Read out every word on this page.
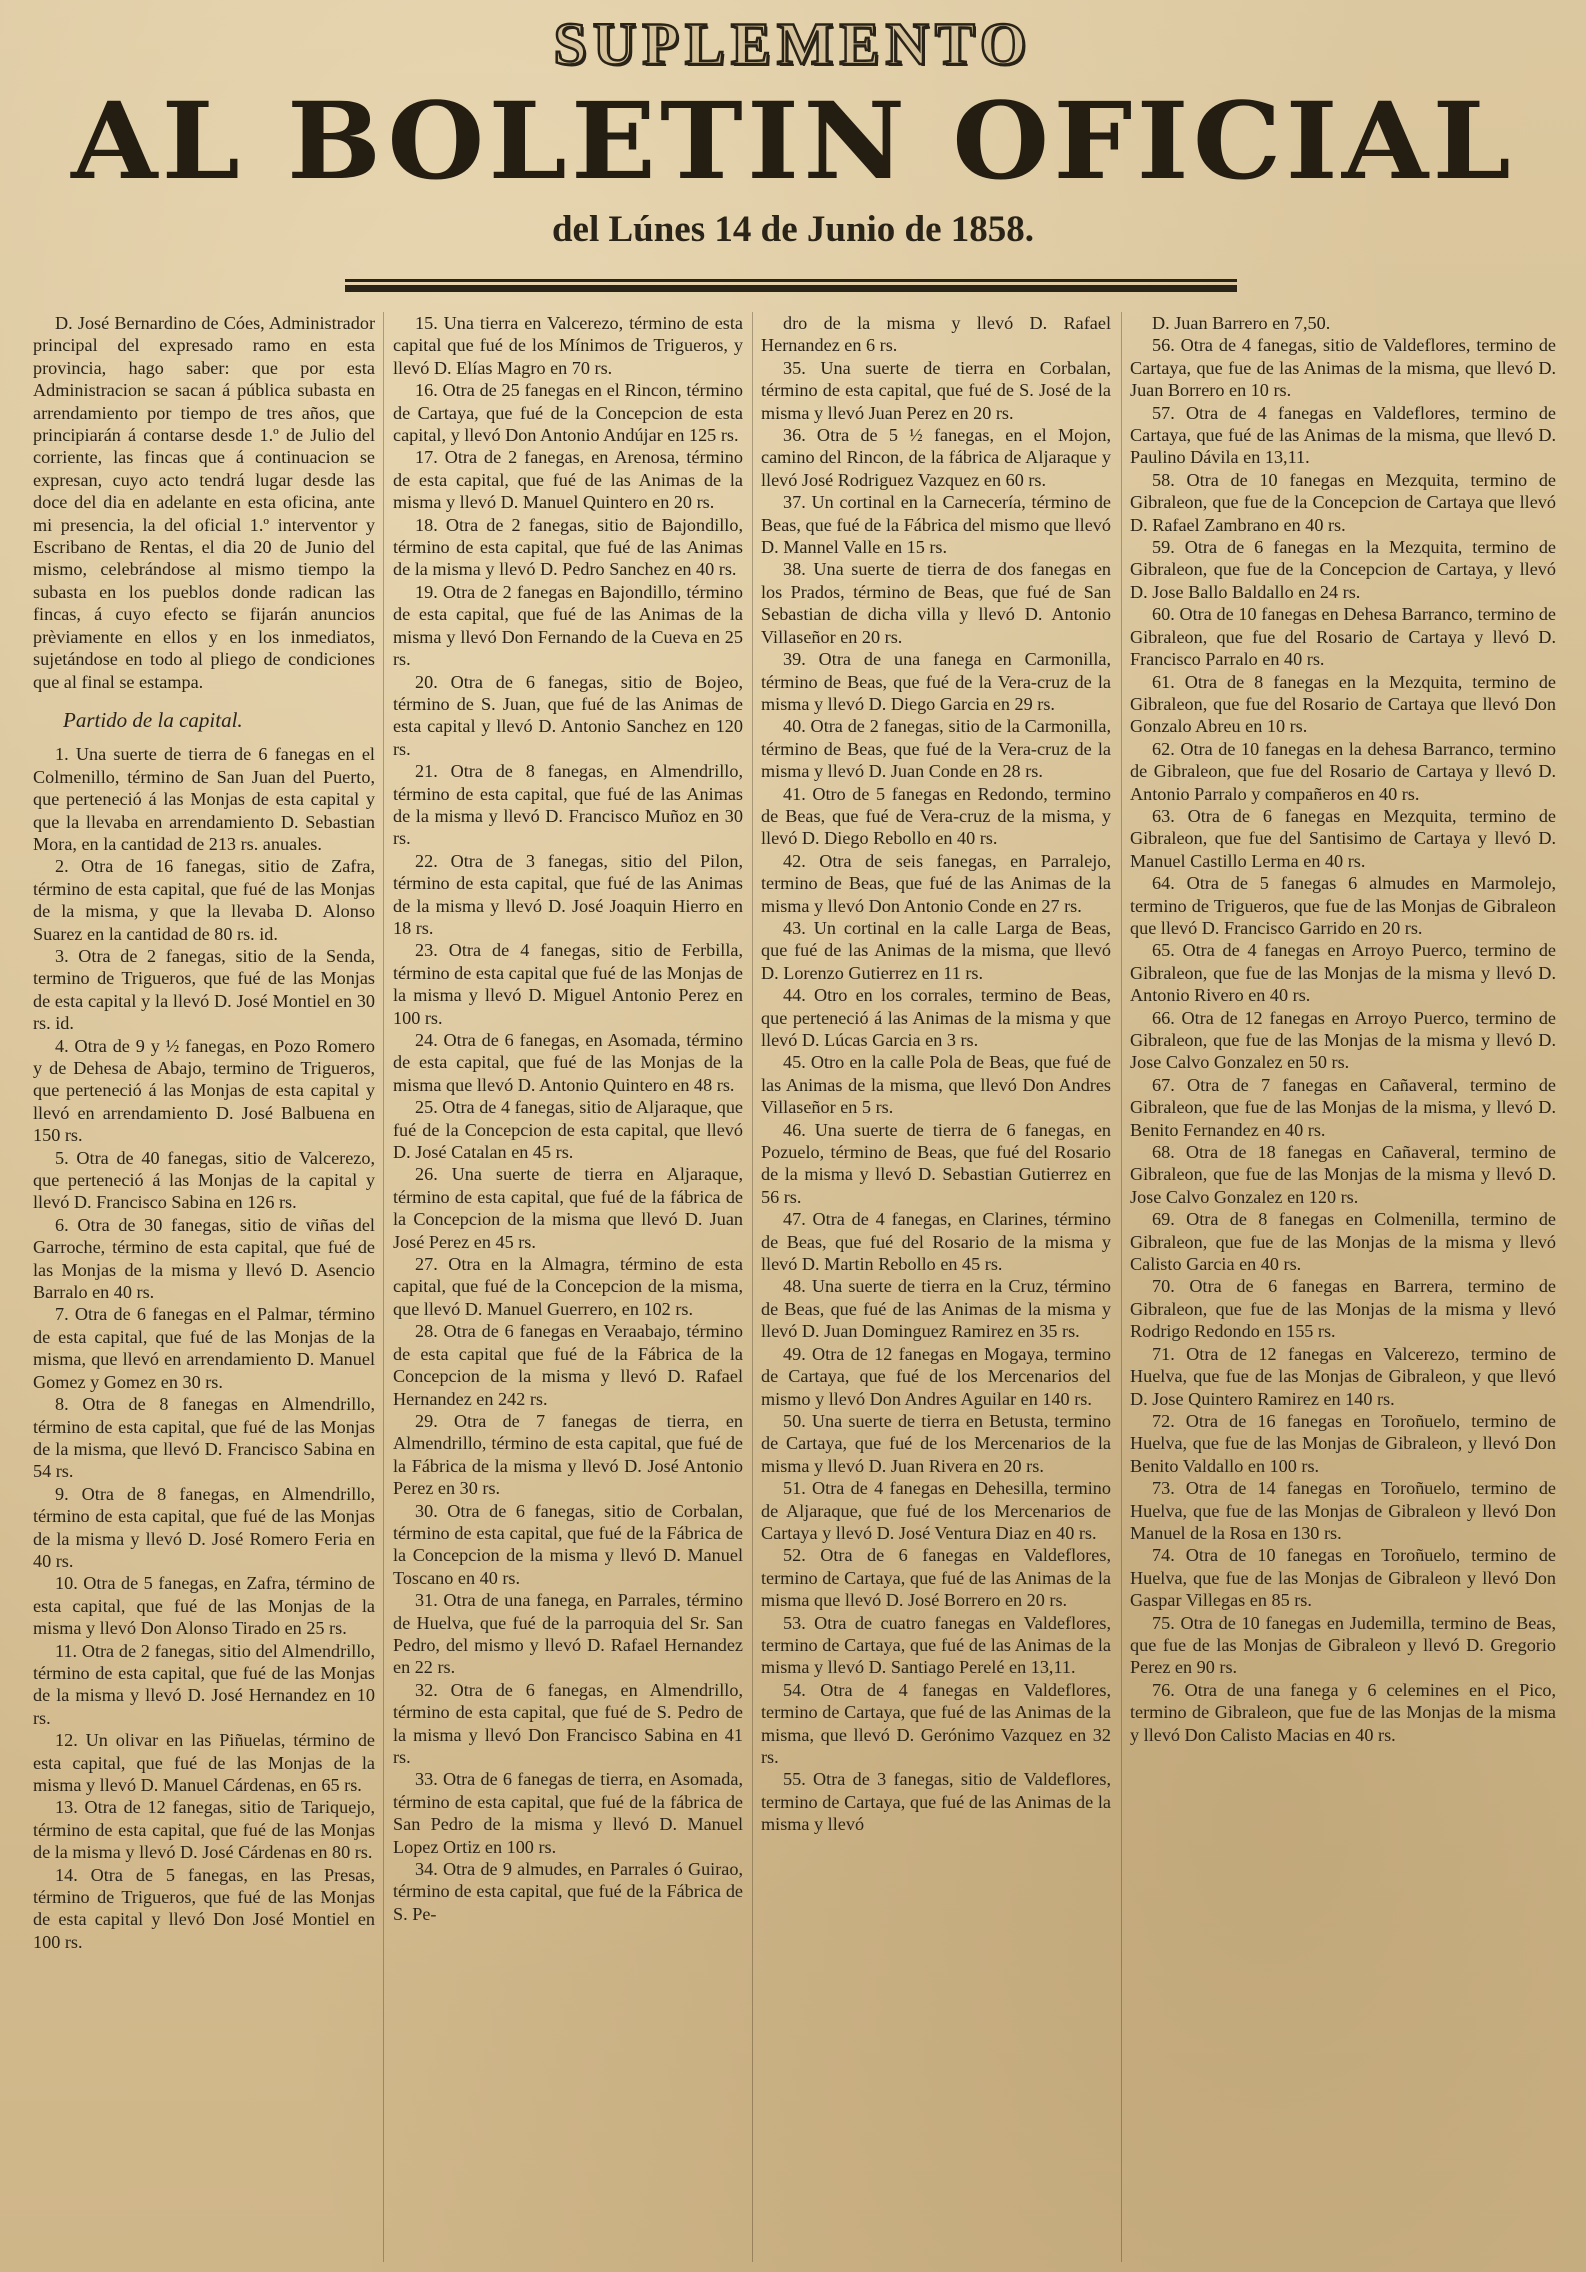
SUPLEMENTO
AL BOLETIN OFICIAL
del Lúnes 14 de Junio de 1858.

D. José Bernardino de Cóes, Administrador principal del expresado ramo en esta provincia, hago saber: que por esta Administracion se sacan á pública subasta en arrendamiento por tiempo de tres años, que principiarán á contarse desde 1.º de Julio del corriente, las fincas que á continuacion se expresan, cuyo acto tendrá lugar desde las doce del dia en adelante en esta oficina, ante mi presencia, la del oficial 1.º interventor y Escribano de Rentas, el dia 20 de Junio del mismo, celebrándose al mismo tiempo la subasta en los pueblos donde radican las fincas, á cuyo efecto se fijarán anuncios prèviamente en ellos y en los inmediatos, sujetándose en todo al pliego de condiciones que al final se estampa.

Partido de la capital.

1. Una suerte de tierra de 6 fanegas en el Colmenillo, término de San Juan del Puerto, que perteneció á las Monjas de esta capital y que la llevaba en arrendamiento D. Sebastian Mora, en la cantidad de 213 rs. anuales.

2. Otra de 16 fanegas, sitio de Zafra, término de esta capital, que fué de las Monjas de la misma, y que la llevaba D. Alonso Suarez en la cantidad de 80 rs. id.

3. Otra de 2 fanegas, sitio de la Senda, termino de Trigueros, que fué de las Monjas de esta capital y la llevó D. José Montiel en 30 rs. id.

4. Otra de 9 y ½ fanegas, en Pozo Romero y de Dehesa de Abajo, termino de Trigueros, que perteneció á las Monjas de esta capital y llevó en arrendamiento D. José Balbuena en 150 rs.

5. Otra de 40 fanegas, sitio de Valcerezo, que perteneció á las Monjas de la capital y llevó D. Francisco Sabina en 126 rs.

6. Otra de 30 fanegas, sitio de viñas del Garroche, término de esta capital, que fué de las Monjas de la misma y llevó D. Asencio Barralo en 40 rs.

7. Otra de 6 fanegas en el Palmar, término de esta capital, que fué de las Monjas de la misma, que llevó en arrendamiento D. Manuel Gomez y Gomez en 30 rs.

8. Otra de 8 fanegas en Almendrillo, término de esta capital, que fué de las Monjas de la misma, que llevó D. Francisco Sabina en 54 rs.

9. Otra de 8 fanegas, en Almendrillo, término de esta capital, que fué de las Monjas de la misma y llevó D. José Romero Feria en 40 rs.

10. Otra de 5 fanegas, en Zafra, término de esta capital, que fué de las Monjas de la misma y llevó Don Alonso Tirado en 25 rs.

11. Otra de 2 fanegas, sitio del Almendrillo, término de esta capital, que fué de las Monjas de la misma y llevó D. José Hernandez en 10 rs.

12. Un olivar en las Piñuelas, término de esta capital, que fué de las Monjas de la misma y llevó D. Manuel Cárdenas, en 65 rs.

13. Otra de 12 fanegas, sitio de Tariquejo, término de esta capital, que fué de las Monjas de la misma y llevó D. José Cárdenas en 80 rs.

14. Otra de 5 fanegas, en las Presas, término de Trigueros, que fué de las Monjas de esta capital y llevó Don José Montiel en 100 rs.

15. Una tierra en Valcerezo, término de esta capital que fué de los Mínimos de Trigueros, y llevó D. Elías Magro en 70 rs.

16. Otra de 25 fanegas en el Rincon, término de Cartaya, que fué de la Concepcion de esta capital, y llevó Don Antonio Andújar en 125 rs.

17. Otra de 2 fanegas, en Arenosa, término de esta capital, que fué de las Animas de la misma y llevó D. Manuel Quintero en 20 rs.

18. Otra de 2 fanegas, sitio de Bajondillo, término de esta capital, que fué de las Animas de la misma y llevó D. Pedro Sanchez en 40 rs.

19. Otra de 2 fanegas en Bajondillo, término de esta capital, que fué de las Animas de la misma y llevó Don Fernando de la Cueva en 25 rs.

20. Otra de 6 fanegas, sitio de Bojeo, término de S. Juan, que fué de las Animas de esta capital y llevó D. Antonio Sanchez en 120 rs.

21. Otra de 8 fanegas, en Almendrillo, término de esta capital, que fué de las Animas de la misma y llevó D. Francisco Muñoz en 30 rs.

22. Otra de 3 fanegas, sitio del Pilon, término de esta capital, que fué de las Animas de la misma y llevó D. José Joaquin Hierro en 18 rs.

23. Otra de 4 fanegas, sitio de Ferbilla, término de esta capital que fué de las Monjas de la misma y llevó D. Miguel Antonio Perez en 100 rs.

24. Otra de 6 fanegas, en Asomada, término de esta capital, que fué de las Monjas de la misma que llevó D. Antonio Quintero en 48 rs.

25. Otra de 4 fanegas, sitio de Aljaraque, que fué de la Concepcion de esta capital, que llevó D. José Catalan en 45 rs.

26. Una suerte de tierra en Aljaraque, término de esta capital, que fué de la fábrica de la Concepcion de la misma que llevó D. Juan José Perez en 45 rs.

27. Otra en la Almagra, término de esta capital, que fué de la Concepcion de la misma, que llevó D. Manuel Guerrero, en 102 rs.

28. Otra de 6 fanegas en Veraabajo, término de esta capital que fué de la Fábrica de la Concepcion de la misma y llevó D. Rafael Hernandez en 242 rs.

29. Otra de 7 fanegas de tierra, en Almendrillo, término de esta capital, que fué de la Fábrica de la misma y llevó D. José Antonio Perez en 30 rs.

30. Otra de 6 fanegas, sitio de Corbalan, término de esta capital, que fué de la Fábrica de la Concepcion de la misma y llevó D. Manuel Toscano en 40 rs.

31. Otra de una fanega, en Parrales, término de Huelva, que fué de la parroquia del Sr. San Pedro, del mismo y llevó D. Rafael Hernandez en 22 rs.

32. Otra de 6 fanegas, en Almendrillo, término de esta capital, que fué de S. Pedro de la misma y llevó Don Francisco Sabina en 41 rs.

33. Otra de 6 fanegas de tierra, en Asomada, término de esta capital, que fué de la fábrica de San Pedro de la misma y llevó D. Manuel Lopez Ortiz en 100 rs.

34. Otra de 9 almudes, en Parrales ó Guirao, término de esta capital, que fué de la Fábrica de S. Pe-

dro de la misma y llevó D. Rafael Hernandez en 6 rs.

35. Una suerte de tierra en Corbalan, término de esta capital, que fué de S. José de la misma y llevó Juan Perez en 20 rs.

36. Otra de 5 ½ fanegas, en el Mojon, camino del Rincon, de la fábrica de Aljaraque y llevó José Rodriguez Vazquez en 60 rs.

37. Un cortinal en la Carnecería, término de Beas, que fué de la Fábrica del mismo que llevó D. Mannel Valle en 15 rs.

38. Una suerte de tierra de dos fanegas en los Prados, término de Beas, que fué de San Sebastian de dicha villa y llevó D. Antonio Villaseñor en 20 rs.

39. Otra de una fanega en Carmonilla, término de Beas, que fué de la Vera-cruz de la misma y llevó D. Diego Garcia en 29 rs.

40. Otra de 2 fanegas, sitio de la Carmonilla, término de Beas, que fué de la Vera-cruz de la misma y llevó D. Juan Conde en 28 rs.

41. Otro de 5 fanegas en Redondo, termino de Beas, que fué de Vera-cruz de la misma, y llevó D. Diego Rebollo en 40 rs.

42. Otra de seis fanegas, en Parralejo, termino de Beas, que fué de las Animas de la misma y llevó Don Antonio Conde en 27 rs.

43. Un cortinal en la calle Larga de Beas, que fué de las Animas de la misma, que llevó D. Lorenzo Gutierrez en 11 rs.

44. Otro en los corrales, termino de Beas, que perteneció á las Animas de la misma y que llevó D. Lúcas Garcia en 3 rs.

45. Otro en la calle Pola de Beas, que fué de las Animas de la misma, que llevó Don Andres Villaseñor en 5 rs.

46. Una suerte de tierra de 6 fanegas, en Pozuelo, término de Beas, que fué del Rosario de la misma y llevó D. Sebastian Gutierrez en 56 rs.

47. Otra de 4 fanegas, en Clarines, término de Beas, que fué del Rosario de la misma y llevó D. Martin Rebollo en 45 rs.

48. Una suerte de tierra en la Cruz, término de Beas, que fué de las Animas de la misma y llevó D. Juan Dominguez Ramirez en 35 rs.

49. Otra de 12 fanegas en Mogaya, termino de Cartaya, que fué de los Mercenarios del mismo y llevó Don Andres Aguilar en 140 rs.

50. Una suerte de tierra en Betusta, termino de Cartaya, que fué de los Mercenarios de la misma y llevó D. Juan Rivera en 20 rs.

51. Otra de 4 fanegas en Dehesilla, termino de Aljaraque, que fué de los Mercenarios de Cartaya y llevó D. José Ventura Diaz en 40 rs.

52. Otra de 6 fanegas en Valdeflores, termino de Cartaya, que fué de las Animas de la misma que llevó D. José Borrero en 20 rs.

53. Otra de cuatro fanegas en Valdeflores, termino de Cartaya, que fué de las Animas de la misma y llevó D. Santiago Perelé en 13,11.

54. Otra de 4 fanegas en Valdeflores, termino de Cartaya, que fué de las Animas de la misma, que llevó D. Gerónimo Vazquez en 32 rs.

55. Otra de 3 fanegas, sitio de Valdeflores, termino de Cartaya, que fué de las Animas de la misma y llevó

D. Juan Barrero en 7,50.

56. Otra de 4 fanegas, sitio de Valdeflores, termino de Cartaya, que fue de las Animas de la misma, que llevó D. Juan Borrero en 10 rs.

57. Otra de 4 fanegas en Valdeflores, termino de Cartaya, que fué de las Animas de la misma, que llevó D. Paulino Dávila en 13,11.

58. Otra de 10 fanegas en Mezquita, termino de Gibraleon, que fue de la Concepcion de Cartaya que llevó D. Rafael Zambrano en 40 rs.

59. Otra de 6 fanegas en la Mezquita, termino de Gibraleon, que fue de la Concepcion de Cartaya, y llevó D. Jose Ballo Baldallo en 24 rs.

60. Otra de 10 fanegas en Dehesa Barranco, termino de Gibraleon, que fue del Rosario de Cartaya y llevó D. Francisco Parralo en 40 rs.

61. Otra de 8 fanegas en la Mezquita, termino de Gibraleon, que fue del Rosario de Cartaya que llevó Don Gonzalo Abreu en 10 rs.

62. Otra de 10 fanegas en la dehesa Barranco, termino de Gibraleon, que fue del Rosario de Cartaya y llevó D. Antonio Parralo y compañeros en 40 rs.

63. Otra de 6 fanegas en Mezquita, termino de Gibraleon, que fue del Santisimo de Cartaya y llevó D. Manuel Castillo Lerma en 40 rs.

64. Otra de 5 fanegas 6 almudes en Marmolejo, termino de Trigueros, que fue de las Monjas de Gibraleon que llevó D. Francisco Garrido en 20 rs.

65. Otra de 4 fanegas en Arroyo Puerco, termino de Gibraleon, que fue de las Monjas de la misma y llevó D. Antonio Rivero en 40 rs.

66. Otra de 12 fanegas en Arroyo Puerco, termino de Gibraleon, que fue de las Monjas de la misma y llevó D. Jose Calvo Gonzalez en 50 rs.

67. Otra de 7 fanegas en Cañaveral, termino de Gibraleon, que fue de las Monjas de la misma, y llevó D. Benito Fernandez en 40 rs.

68. Otra de 18 fanegas en Cañaveral, termino de Gibraleon, que fue de las Monjas de la misma y llevó D. Jose Calvo Gonzalez en 120 rs.

69. Otra de 8 fanegas en Colmenilla, termino de Gibraleon, que fue de las Monjas de la misma y llevó Calisto Garcia en 40 rs.

70. Otra de 6 fanegas en Barrera, termino de Gibraleon, que fue de las Monjas de la misma y llevó Rodrigo Redondo en 155 rs.

71. Otra de 12 fanegas en Valcerezo, termino de Huelva, que fue de las Monjas de Gibraleon, y que llevó D. Jose Quintero Ramirez en 140 rs.

72. Otra de 16 fanegas en Toroñuelo, termino de Huelva, que fue de las Monjas de Gibraleon, y llevó Don Benito Valdallo en 100 rs.

73. Otra de 14 fanegas en Toroñuelo, termino de Huelva, que fue de las Monjas de Gibraleon y llevó Don Manuel de la Rosa en 130 rs.

74. Otra de 10 fanegas en Toroñuelo, termino de Huelva, que fue de las Monjas de Gibraleon y llevó Don Gaspar Villegas en 85 rs.

75. Otra de 10 fanegas en Judemilla, termino de Beas, que fue de las Monjas de Gibraleon y llevó D. Gregorio Perez en 90 rs.

76. Otra de una fanega y 6 celemines en el Pico, termino de Gibraleon, que fue de las Monjas de la misma y llevó Don Calisto Macias en 40 rs.
